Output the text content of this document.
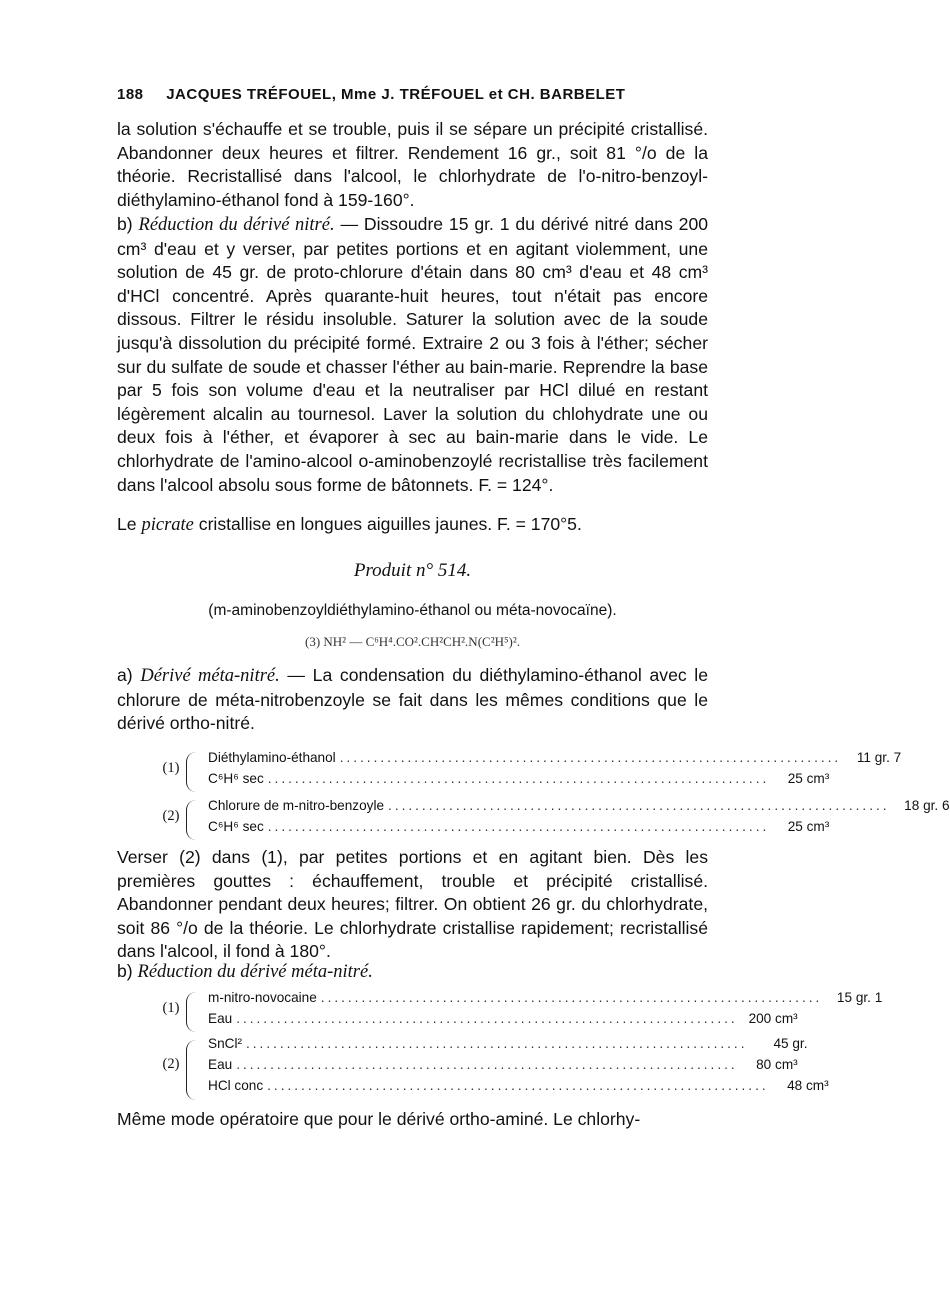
188 JACQUES TRÉFOUEL, Mme J. TRÉFOUEL et CH. BARBELET
la solution s'échauffe et se trouble, puis il se sépare un précipité cristallisé. Abandonner deux heures et filtrer. Rendement 16 gr., soit 81 °/o de la théorie. Recristallisé dans l'alcool, le chlorhydrate de l'o-nitro-benzoyl-diéthylamino-éthanol fond à 159-160°.
b) Réduction du dérivé nitré. — Dissoudre 15 gr. 1 du dérivé nitré dans 200 cm³ d'eau et y verser, par petites portions et en agitant violemment, une solution de 45 gr. de proto-chlorure d'étain dans 80 cm³ d'eau et 48 cm³ d'HCl concentré. Après quarante-huit heures, tout n'était pas encore dissous. Filtrer le résidu insoluble. Saturer la solution avec de la soude jusqu'à dissolution du précipité formé. Extraire 2 ou 3 fois à l'éther; sécher sur du sulfate de soude et chasser l'éther au bain-marie. Reprendre la base par 5 fois son volume d'eau et la neutraliser par HCl dilué en restant légèrement alcalin au tournesol. Laver la solution du chlohydrate une ou deux fois à l'éther, et évaporer à sec au bain-marie dans le vide. Le chlorhydrate de l'amino-alcool o-aminobenzoylé recristallise très facilement dans l'alcool absolu sous forme de bâtonnets. F. = 124°.
Le picrate cristallise en longues aiguilles jaunes. F. = 170°5.
Produit n° 514.
(m-aminobenzoyldiéthylamino-éthanol ou méta-novocaïne).
(3) NH² — C⁶H⁴.CO².CH²CH².N(C²H⁵)².
a) Dérivé méta-nitré. — La condensation du diéthylamino-éthanol avec le chlorure de méta-nitrobenzoyle se fait dans les mêmes conditions que le dérivé ortho-nitré.
(1)
Diéthylamino-éthanol ..........................................................................	11 gr. 7
C⁶H⁶ sec ..........................................................................	25 cm³
(2)
Chlorure de m-nitro-benzoyle ..........................................................................	18 gr. 6
C⁶H⁶ sec ..........................................................................	25 cm³
Verser (2) dans (1), par petites portions et en agitant bien. Dès les premières gouttes : échauffement, trouble et précipité cristallisé. Abandonner pendant deux heures; filtrer. On obtient 26 gr. du chlorhydrate, soit 86 °/o de la théorie. Le chlorhydrate cristallise rapidement; recristallisé dans l'alcool, il fond à 180°.
b) Réduction du dérivé méta-nitré.
(1)
m-nitro-novocaine ..........................................................................	15 gr. 1
Eau .......................................................................... 200 cm³
(2)
SnCl² ..........................................................................	45 gr.
Eau ..........................................................................	80 cm³
HCl conc ..........................................................................	48 cm³
Même mode opératoire que pour le dérivé ortho-aminé. Le chlorhy-
